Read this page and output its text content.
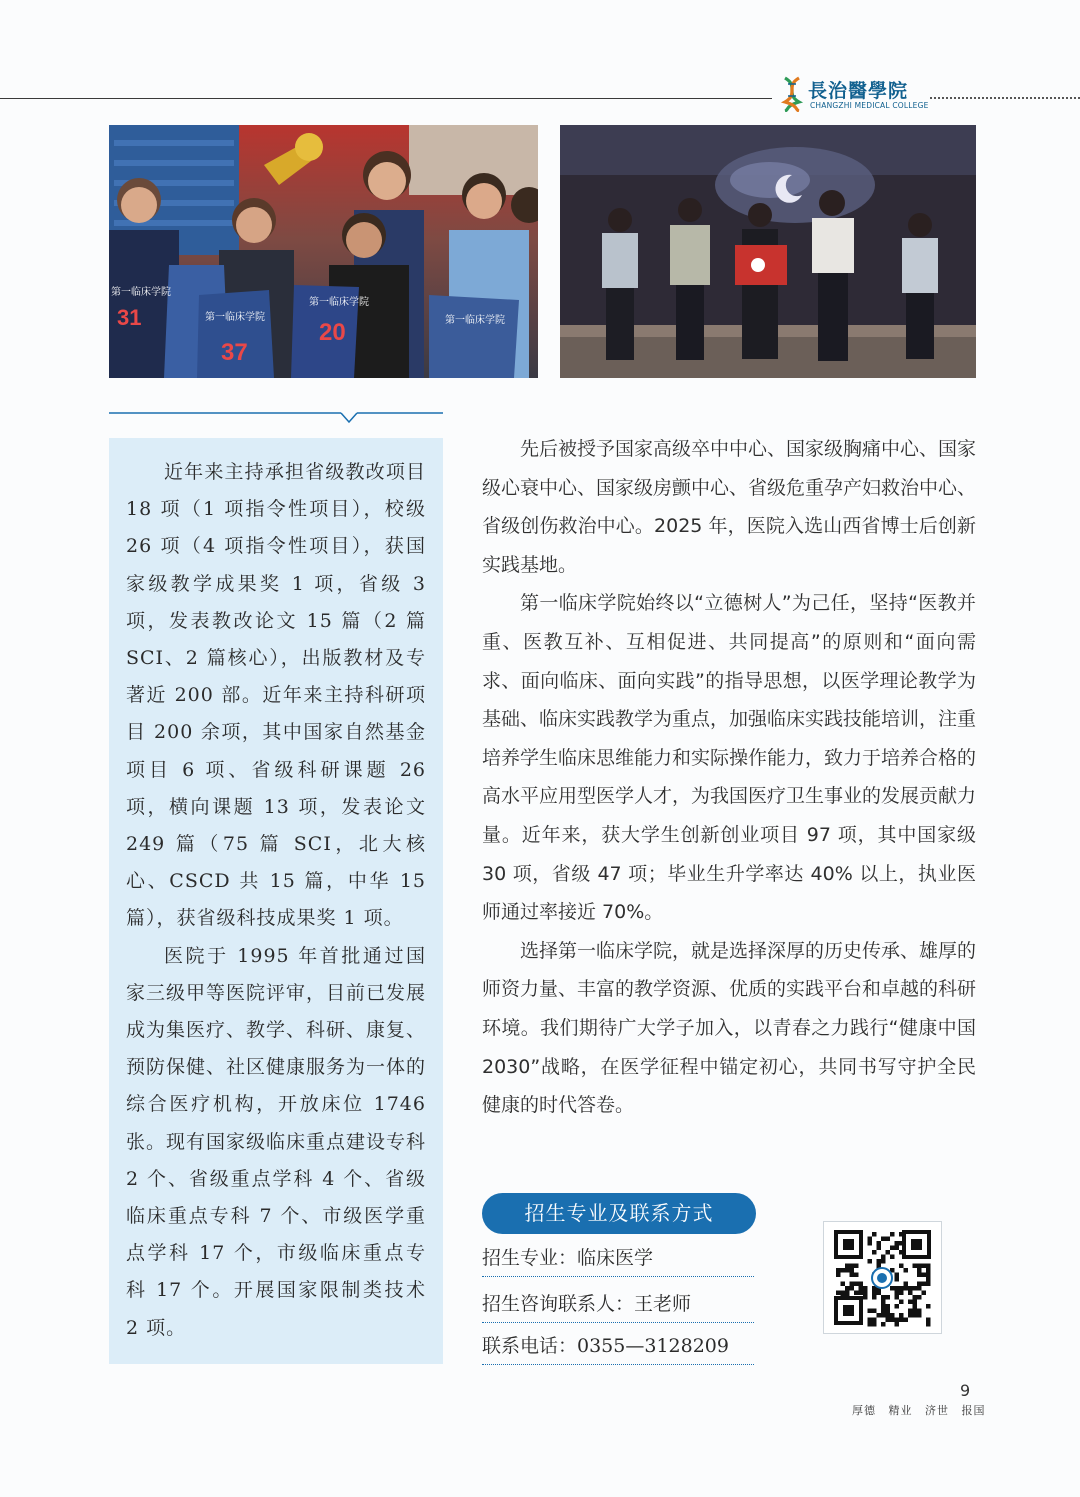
長治醫學院
CHANGZHI MEDICAL COLLEGE
第一临床学院
31	第一临床学院
37
第一临床学院
20	第一临床学院

近年来主持承担省级教改项目 18 项（1 项指令性项目），校级 26 项（4 项指令性项目），获国家级教学成果奖 1 项，省级 3 项，发表教改论文 15 篇（2 篇 SCI、2 篇核心），出版教材及专著近 200 部。近年来主持科研项目 200 余项，其中国家自然基金项目 6 项、省级科研课题 26 项，横向课题 13 项，发表论文 249 篇（75 篇 SCI，北大核心、CSCD 共 15 篇，中华 15 篇），获省级科技成果奖 1 项。

医院于 1995 年首批通过国家三级甲等医院评审，目前已发展成为集医疗、教学、科研、康复、预防保健、社区健康服务为一体的综合医疗机构，开放床位 1746 张。现有国家级临床重点建设专科 2 个、省级重点学科 4 个、省级临床重点专科 7 个、市级医学重点学科 17 个，市级临床重点专科 17 个。开展国家限制类技术 2 项。

先后被授予国家高级卒中中心、国家级胸痛中心、国家级心衰中心、国家级房颤中心、省级危重孕产妇救治中心、省级创伤救治中心。2025 年，医院入选山西省博士后创新实践基地。

第一临床学院始终以“立德树人”为己任，坚持“医教并重、医教互补、互相促进、共同提高”的原则和“面向需求、面向临床、面向实践”的指导思想，以医学理论教学为基础、临床实践教学为重点，加强临床实践技能培训，注重培养学生临床思维能力和实际操作能力，致力于培养合格的高水平应用型医学人才，为我国医疗卫生事业的发展贡献力量。近年来，获大学生创新创业项目 97 项，其中国家级 30 项，省级 47 项；毕业生升学率达 40% 以上，执业医师通过率接近 70%。

选择第一临床学院，就是选择深厚的历史传承、雄厚的师资力量、丰富的教学资源、优质的实践平台和卓越的科研环境。我们期待广大学子加入，以青春之力践行“健康中国 2030”战略，在医学征程中锚定初心，共同书写守护全民健康的时代答卷。

招生专业及联系方式
招生专业：临床医学
招生咨询联系人：王老师
联系电话：0355—3128209
9
厚德 精业 济世 报国
